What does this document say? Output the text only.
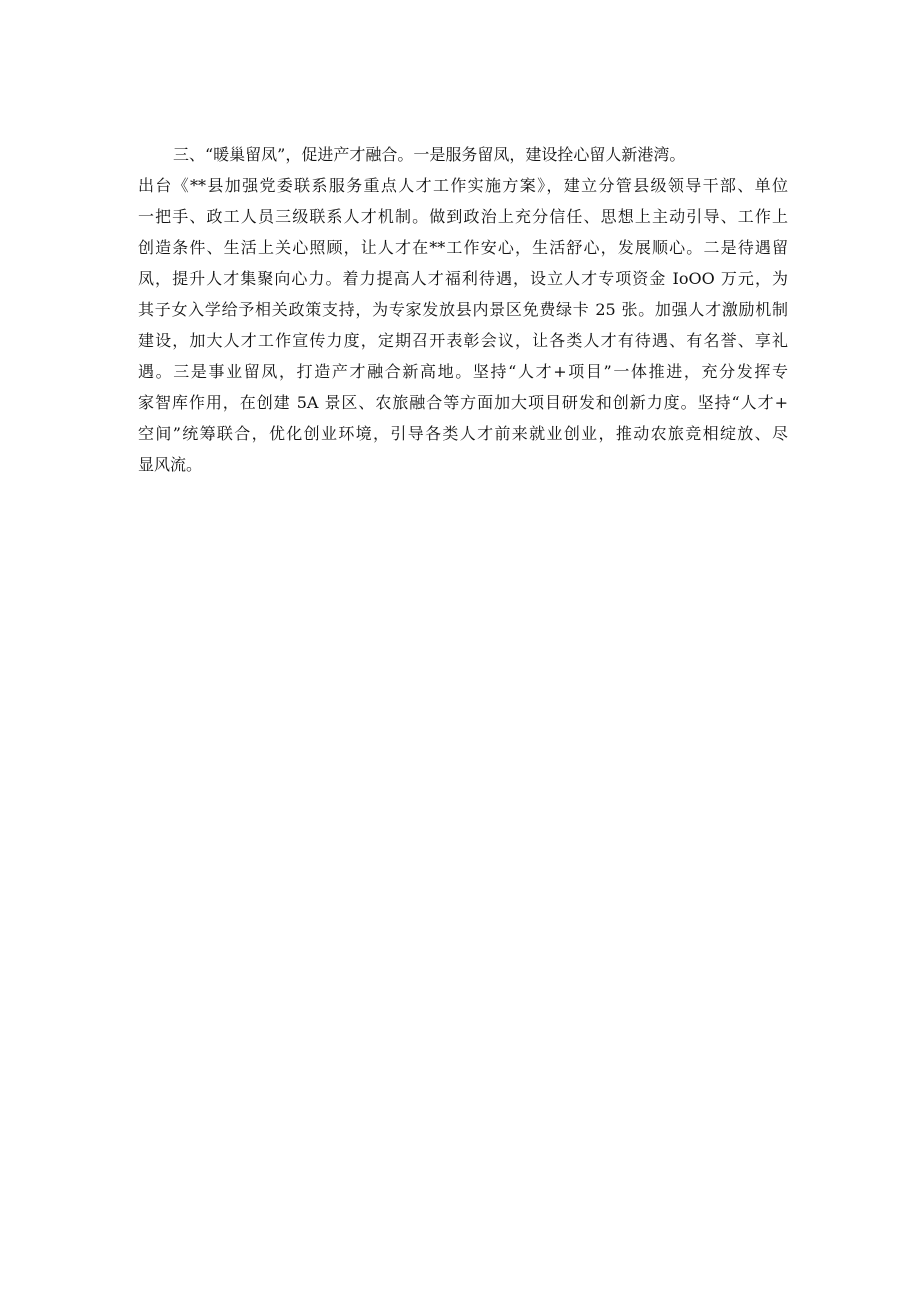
三、“暖巢留凤”，促进产才融合。一是服务留凤，建设拴心留人新港湾。
出台《**县加强党委联系服务重点人才工作实施方案》，建立分管县级领导干部、单位
一把手、政工人员三级联系人才机制。做到政治上充分信任、思想上主动引导、工作上
创造条件、生活上关心照顾，让人才在**工作安心，生活舒心，发展顺心。二是待遇留
凤，提升人才集聚向心力。着力提高人才福利待遇，设立人才专项资金 IoOO 万元，为
其子女入学给予相关政策支持，为专家发放县内景区免费绿卡 25 张。加强人才激励机制
建设，加大人才工作宣传力度，定期召开表彰会议，让各类人才有待遇、有名誉、享礼
遇。三是事业留凤，打造产才融合新高地。坚持“人才+项目”一体推进，充分发挥专
家智库作用，在创建 5A 景区、农旅融合等方面加大项目研发和创新力度。坚持“人才+
空间”统筹联合，优化创业环境，引导各类人才前来就业创业，推动农旅竞相绽放、尽
显风流。
